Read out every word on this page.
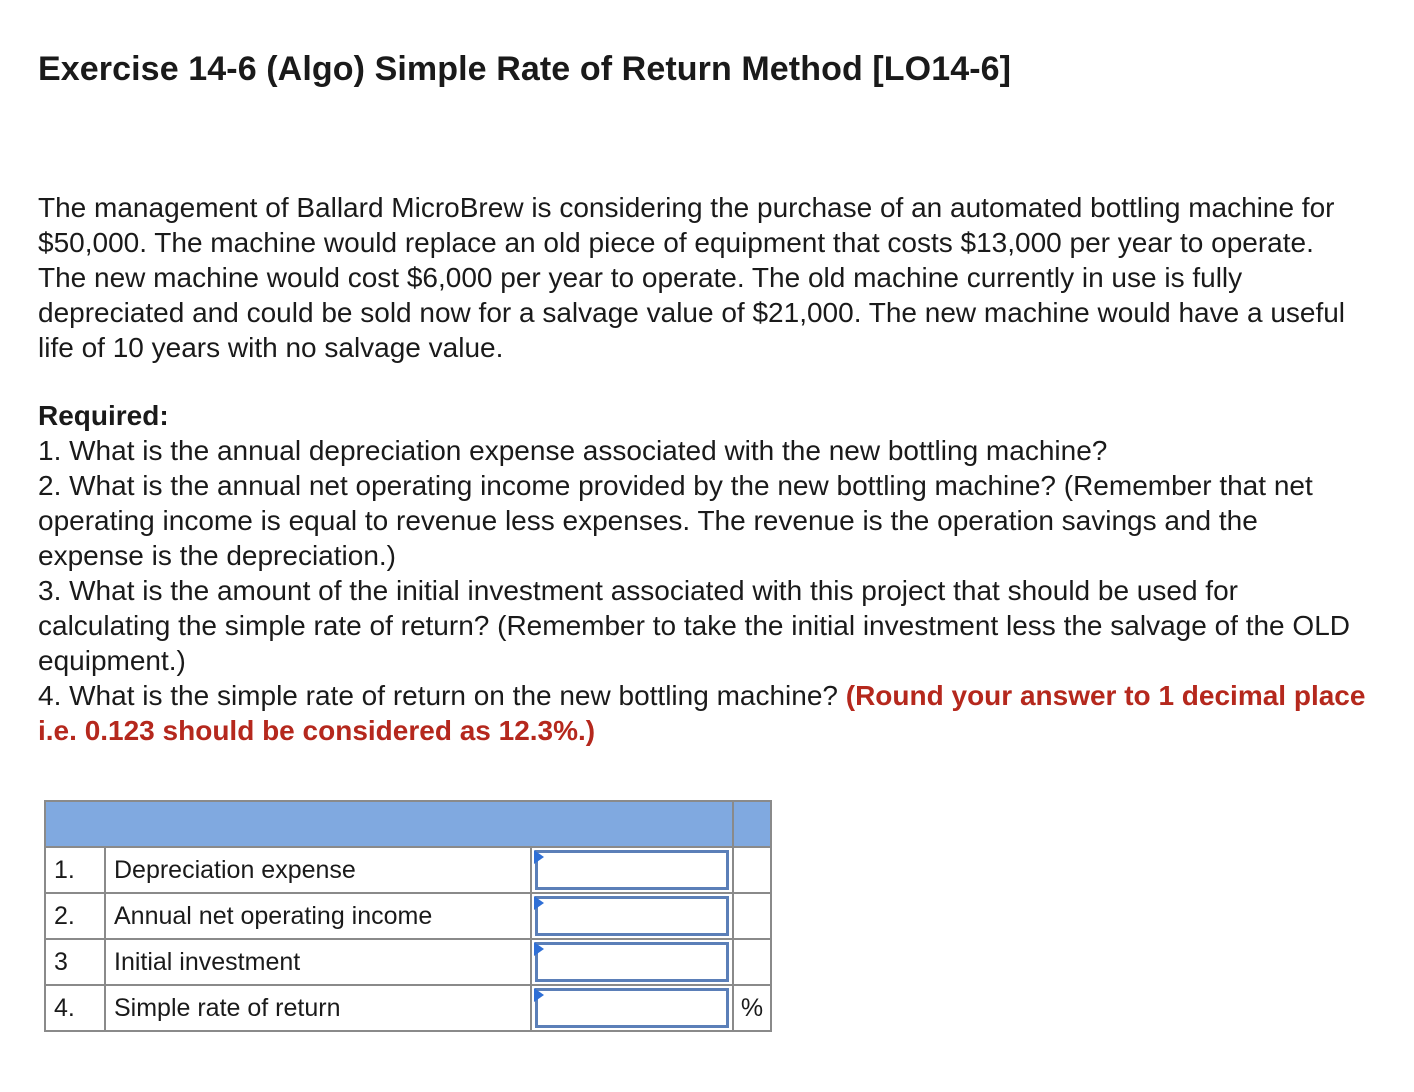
Exercise 14-6 (Algo) Simple Rate of Return Method [LO14-6]

The management of Ballard MicroBrew is considering the purchase of an automated bottling machine for $50,000. The machine would replace an old piece of equipment that costs $13,000 per year to operate. The new machine would cost $6,000 per year to operate. The old machine currently in use is fully depreciated and could be sold now for a salvage value of $21,000. The new machine would have a useful life of 10 years with no salvage value.

Required:
1. What is the annual depreciation expense associated with the new bottling machine?
2. What is the annual net operating income provided by the new bottling machine? (Remember that net operating income is equal to revenue less expenses. The revenue is the operation savings and the expense is the depreciation.)
3. What is the amount of the initial investment associated with this project that should be used for calculating the simple rate of return? (Remember to take the initial investment less the salvage of the OLD equipment.)
4. What is the simple rate of return on the new bottling machine? (Round your answer to 1 decimal place i.e. 0.123 should be considered as 12.3%.)

1.	Depreciation expense	

2.	Annual net operating income	

3	Initial investment	

4.	Simple rate of return		%
